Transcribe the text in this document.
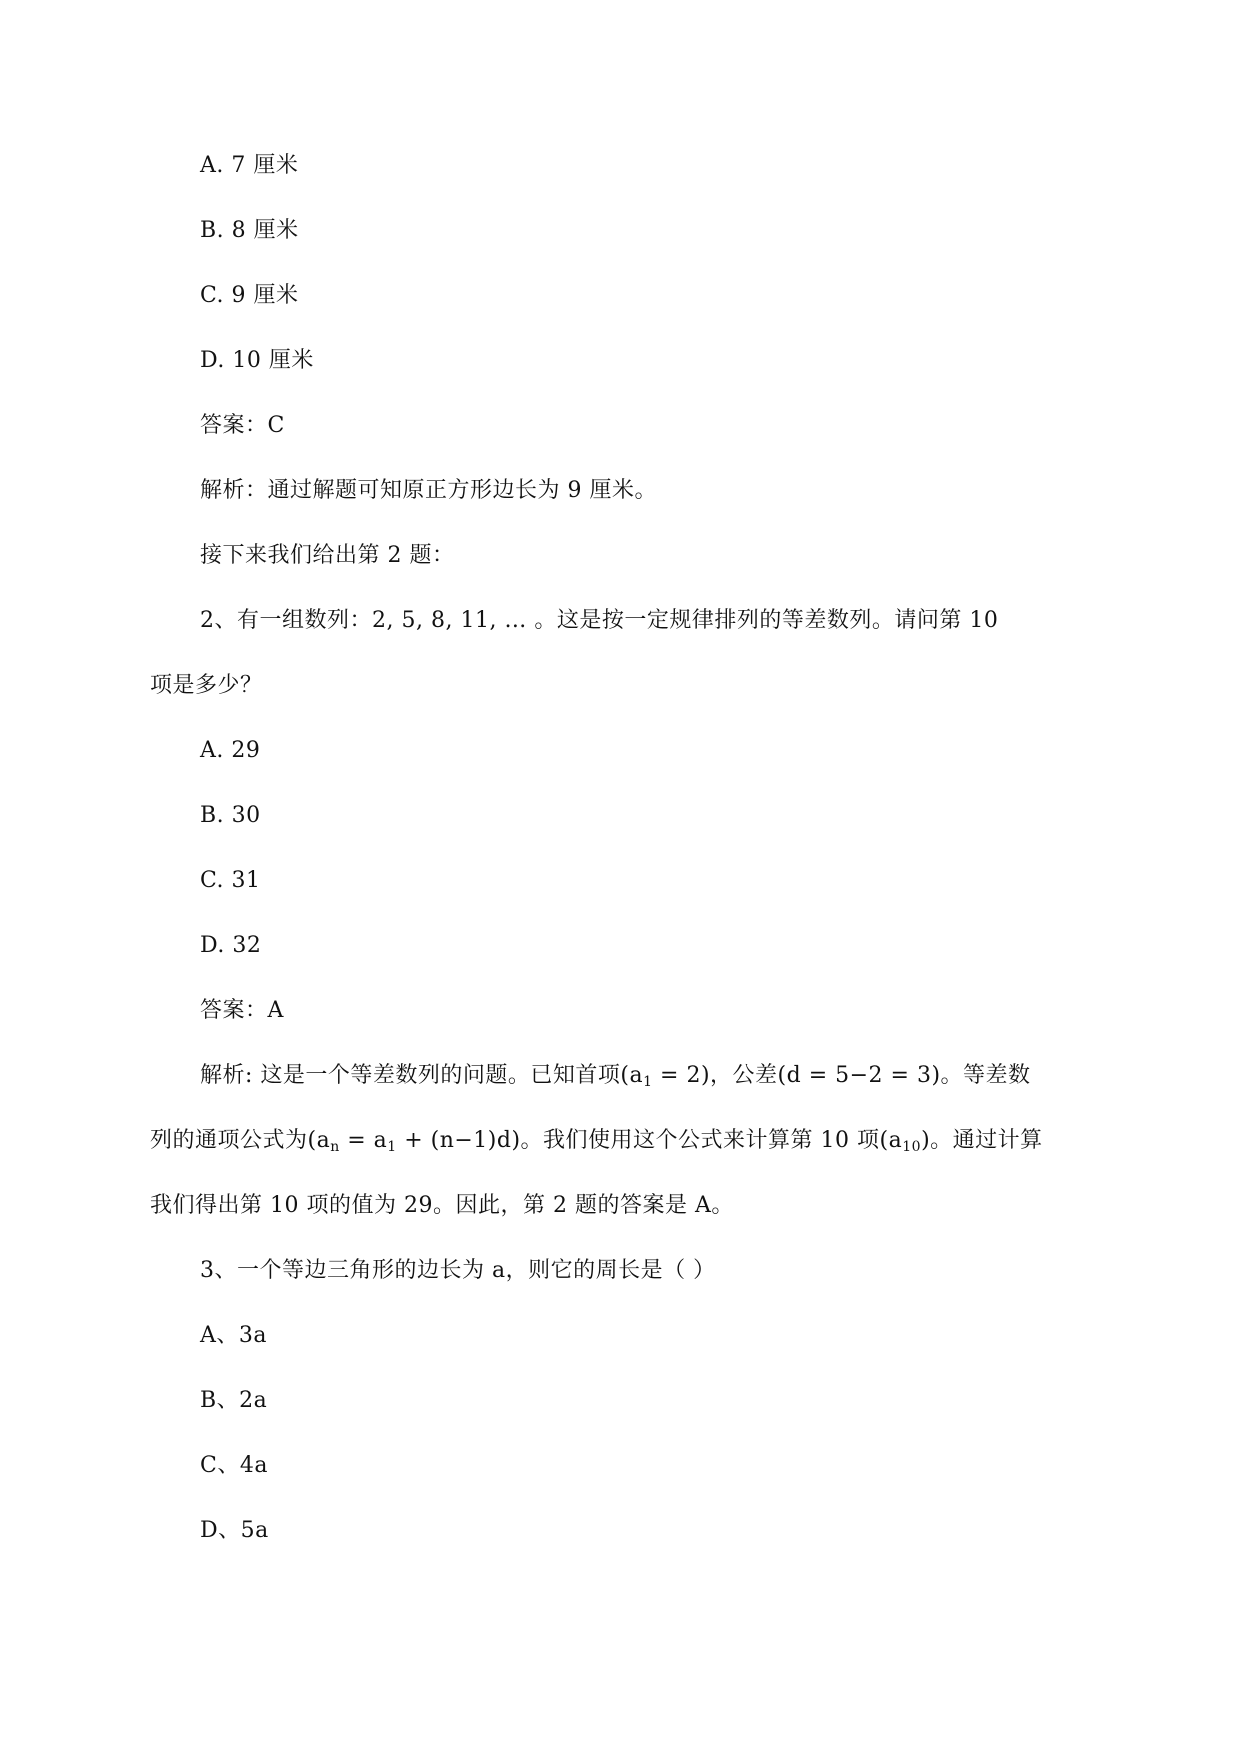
A. 7 厘米
B. 8 厘米
C. 9 厘米
D. 10 厘米
答案：C
解析：通过解题可知原正方形边长为 9 厘米。
接下来我们给出第 2 题：
2、有一组数列：2, 5, 8, 11, … 。这是按一定规律排列的等差数列。请问第 10
项是多少？
A. 29
B. 30
C. 31
D. 32
答案：A
解析: 这是一个等差数列的问题。已知首项$(a_1 = 2)$，公差(d = 5−2 = 3)。等差数
列的通项公式为$(a_n = a_1 + (n-1)d)$。我们使用这个公式来计算第 10 项$(a_{10})$。通过计算
我们得出第 10 项的值为 29。因此，第 2 题的答案是 A。
3、一个等边三角形的边长为 a，则它的周长是（ ）
A、3a
B、2a
C、4a
D、5a
